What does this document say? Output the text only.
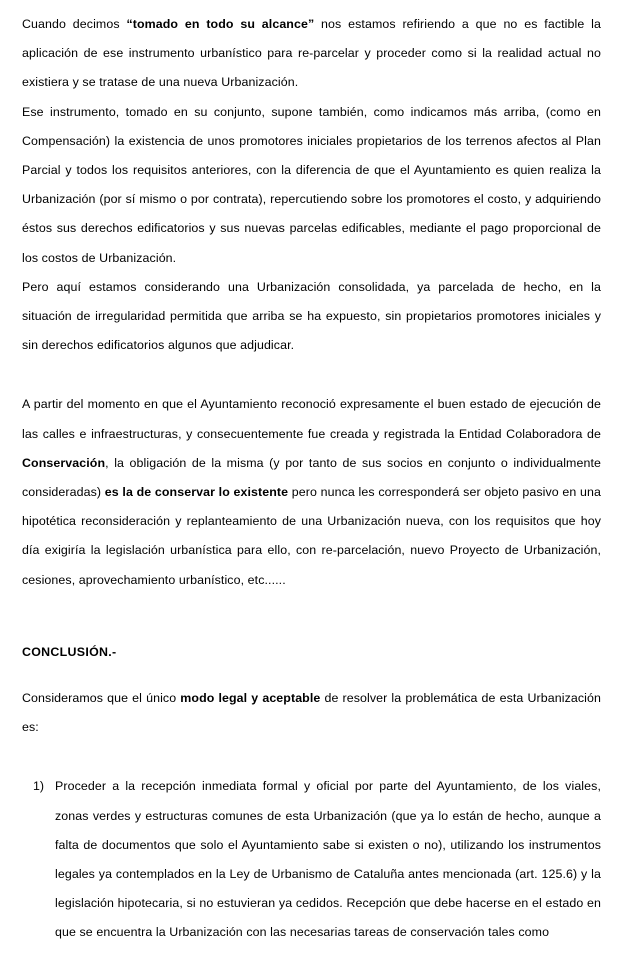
Cuando decimos “tomado en todo su alcance” nos estamos refiriendo a que no es factible la aplicación de ese instrumento urbanístico para re-parcelar y proceder como si la realidad actual no existiera y se tratase de una nueva Urbanización.

Ese instrumento, tomado en su conjunto, supone también, como indicamos más arriba, (como en Compensación) la existencia de unos promotores iniciales propietarios de los terrenos afectos al Plan Parcial y todos los requisitos anteriores, con la diferencia de que el Ayuntamiento es quien realiza la Urbanización (por sí mismo o por contrata), repercutiendo sobre los promotores el costo, y adquiriendo éstos sus derechos edificatorios y sus nuevas parcelas edificables, mediante el pago proporcional de los costos de Urbanización.

Pero aquí estamos considerando una Urbanización consolidada, ya parcelada de hecho, en la situación de irregularidad permitida que arriba se ha expuesto, sin propietarios promotores iniciales y sin derechos edificatorios algunos que adjudicar.

A partir del momento en que el Ayuntamiento reconoció expresamente el buen estado de ejecución de las calles e infraestructuras, y consecuentemente fue creada y registrada la Entidad Colaboradora de Conservación, la obligación de la misma (y por tanto de sus socios en conjunto o individualmente consideradas) es la de conservar lo existente pero nunca les corresponderá ser objeto pasivo en una hipotética reconsideración y replanteamiento de una Urbanización nueva, con los requisitos que hoy día exigiría la legislación urbanística para ello, con re-parcelación, nuevo Proyecto de Urbanización, cesiones, aprovechamiento urbanístico, etc......

CONCLUSIÓN.-

Consideramos que el único modo legal y aceptable de resolver la problemática de esta Urbanización es:

1) Proceder a la recepción inmediata formal y oficial por parte del Ayuntamiento, de los viales, zonas verdes y estructuras comunes de esta Urbanización (que ya lo están de hecho, aunque a falta de documentos que solo el Ayuntamiento sabe si existen o no), utilizando los instrumentos legales ya contemplados en la Ley de Urbanismo de Cataluña antes mencionada (art. 125.6) y la legislación hipotecaria, si no estuvieran ya cedidos. Recepción que debe hacerse en el estado en que se encuentra la Urbanización con las necesarias tareas de conservación tales como
